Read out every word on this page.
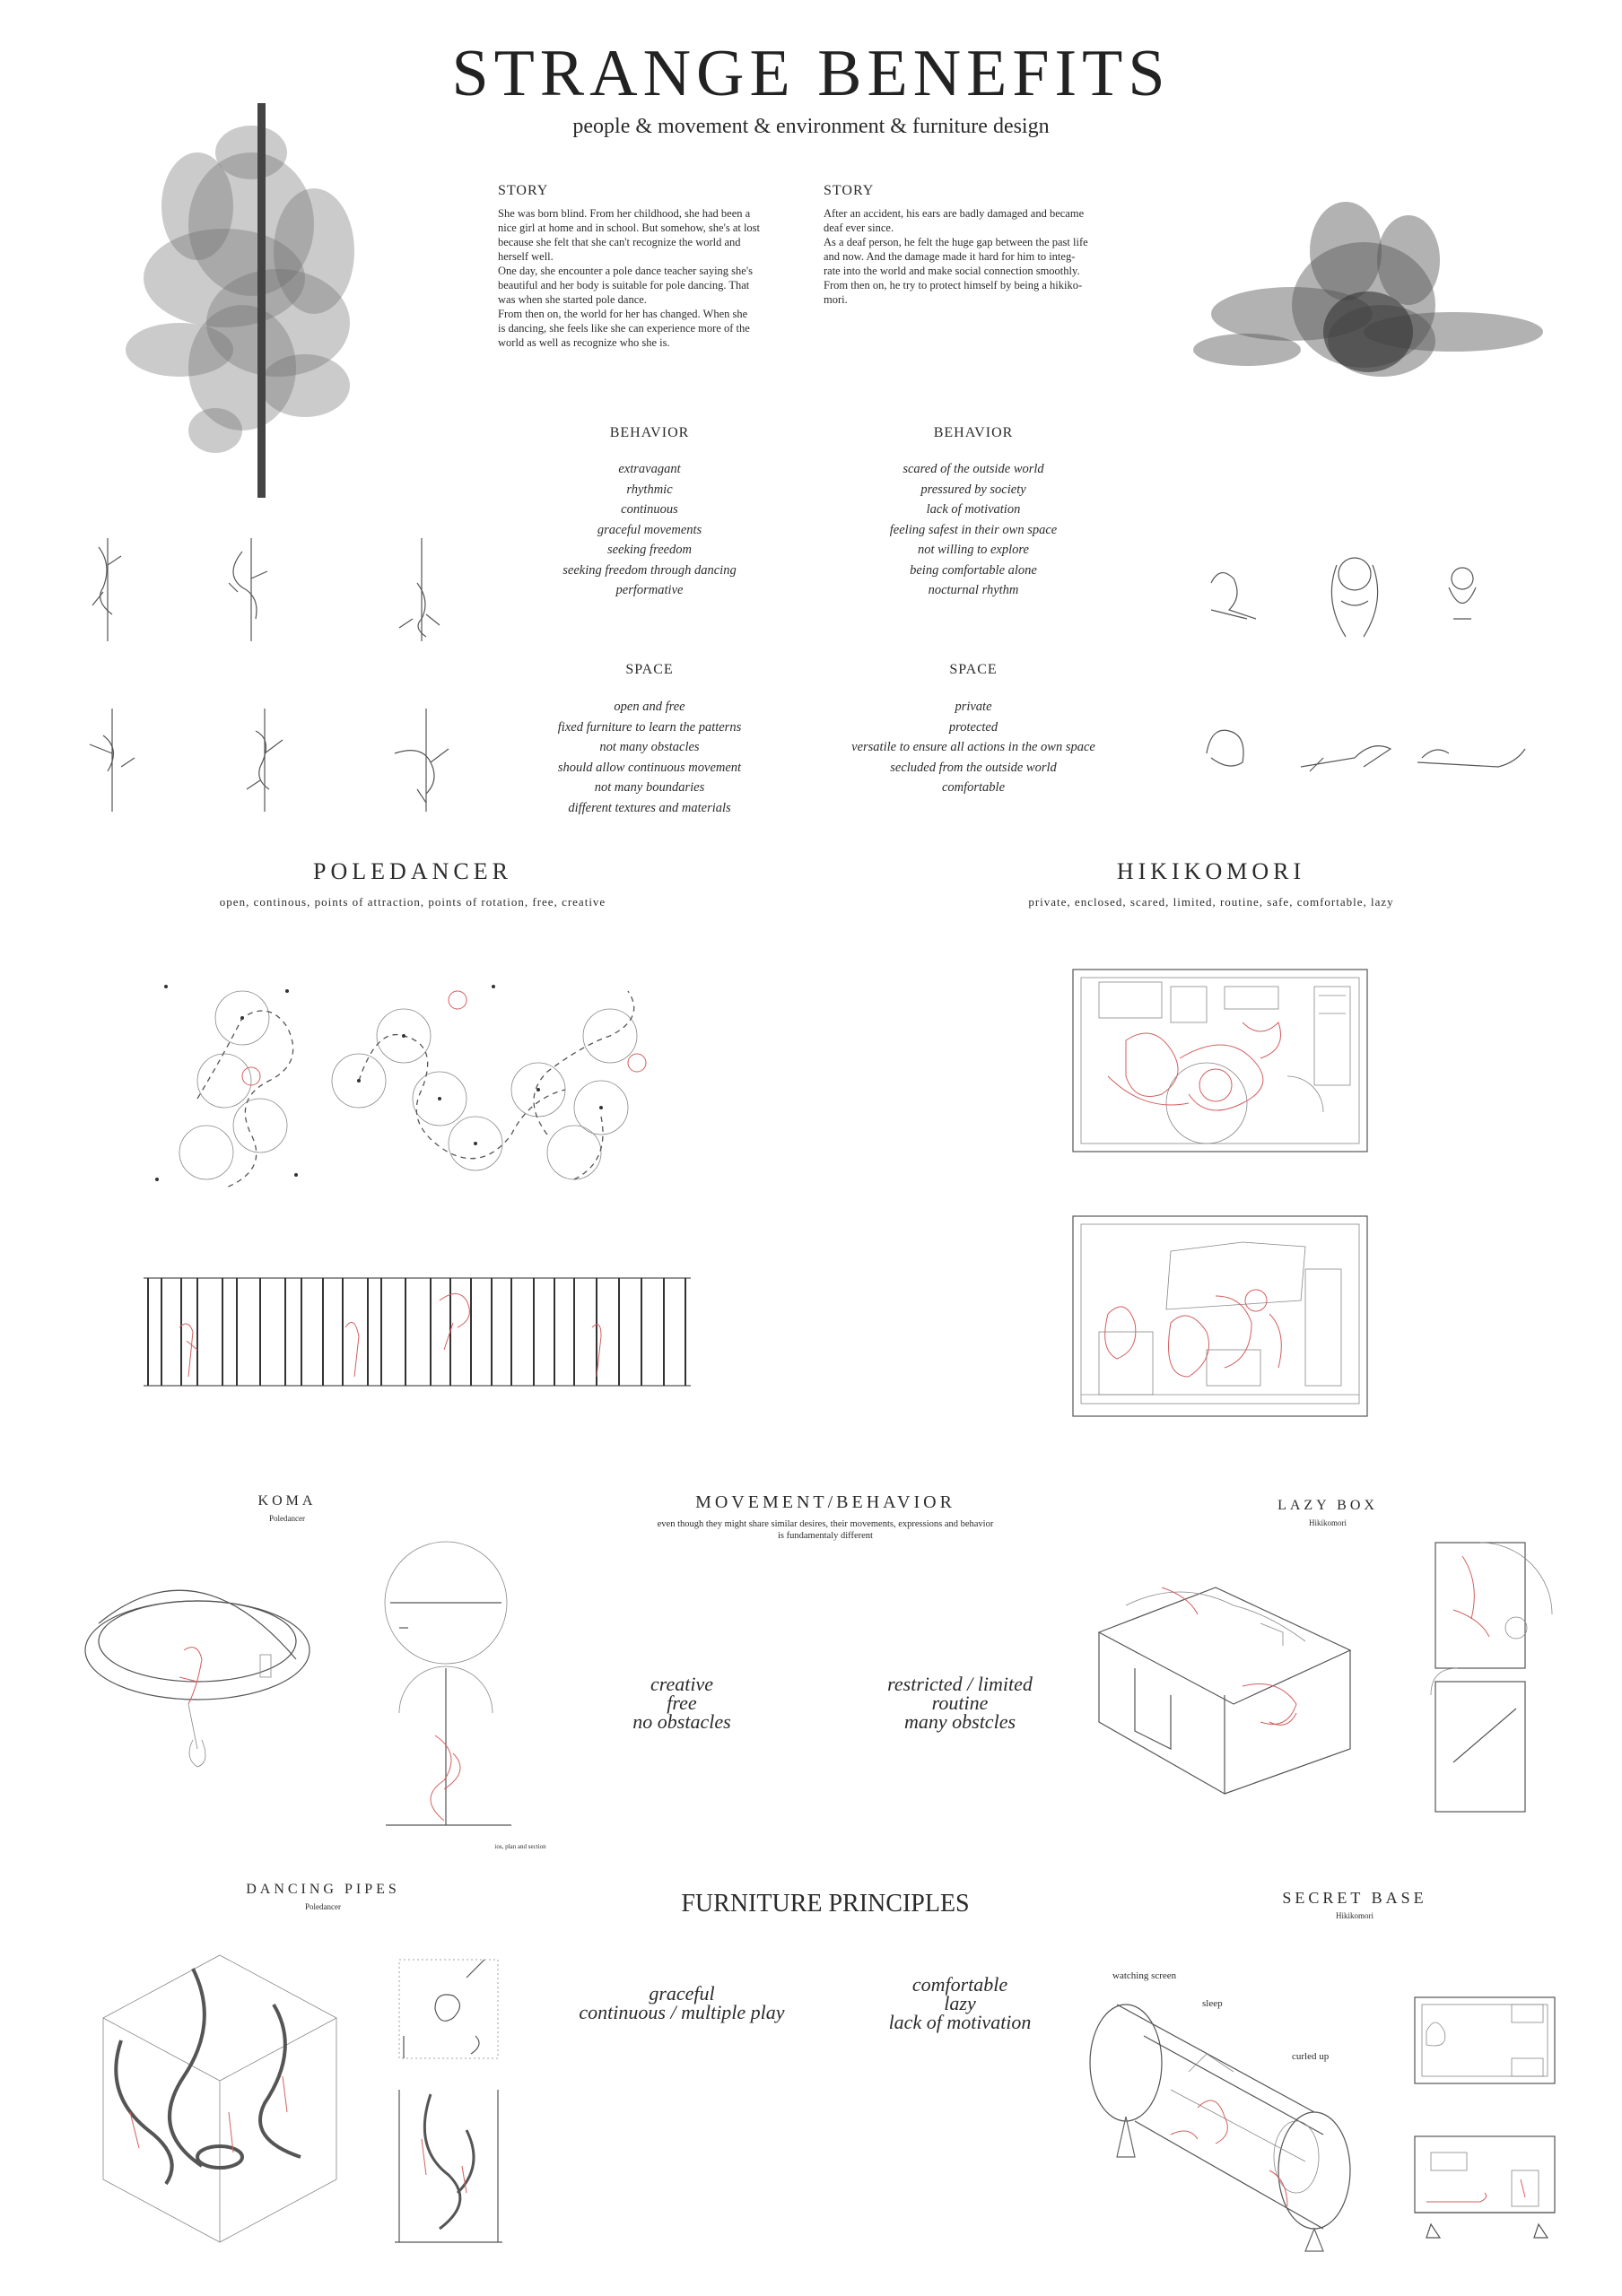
STRANGE BENEFITS
people & movement & environment & furniture design
STORY
She was born blind. From her childhood, she had been a
nice girl at home and in school. But somehow, she's at lost
because she felt that she can't recognize the world and
herself well.
One day, she encounter a pole dance teacher saying she's
beautiful and her body is suitable for pole dancing. That
was when she started pole dance.
From then on, the world for her has changed. When she
is dancing, she feels like she can experience more of the
world as well as recognize who she is.
STORY
After an accident, his ears are badly damaged and became
deaf ever since.
As a deaf person, he felt the huge gap between the past life
and now. And the damage made it hard for him to integ-
rate into the world and make social connection smoothly.
From then on, he try to protect himself by being a hikiko-
mori.
BEHAVIOR
extravagant
rhythmic
continuous
graceful movements
seeking freedom
seeking freedom through dancing
performative
BEHAVIOR
scared of the outside world
pressured by society
lack of motivation
feeling safest in their own space
not willing to explore
being comfortable alone
nocturnal rhythm
SPACE
open and free
fixed furniture to learn the patterns
not many obstacles
should allow continuous movement
not many boundaries
different textures and materials
SPACE
private
protected
versatile to ensure all actions in the own space
secluded from the outside world
comfortable
POLEDANCER
open, continous, points of attraction, points of rotation, free, creative
HIKIKOMORI
private, enclosed, scared, limited, routine, safe, comfortable, lazy
KOMA
Poledancer
ios, plan and section
MOVEMENT/BEHAVIOR
even though they might share similar desires, their movements, expressions and behavior
is fundamentaly different
creative
free
no obstacles
restricted / limited
routine
many obstcles
LAZY BOX
Hikikomori
DANCING PIPES
Poledancer	FURNITURE PRINCIPLES
graceful
continuous / multiple play
comfortable
lazy
lack of motivation
SECRET BASE
Hikikomori
watching screen
sleep
curled up
